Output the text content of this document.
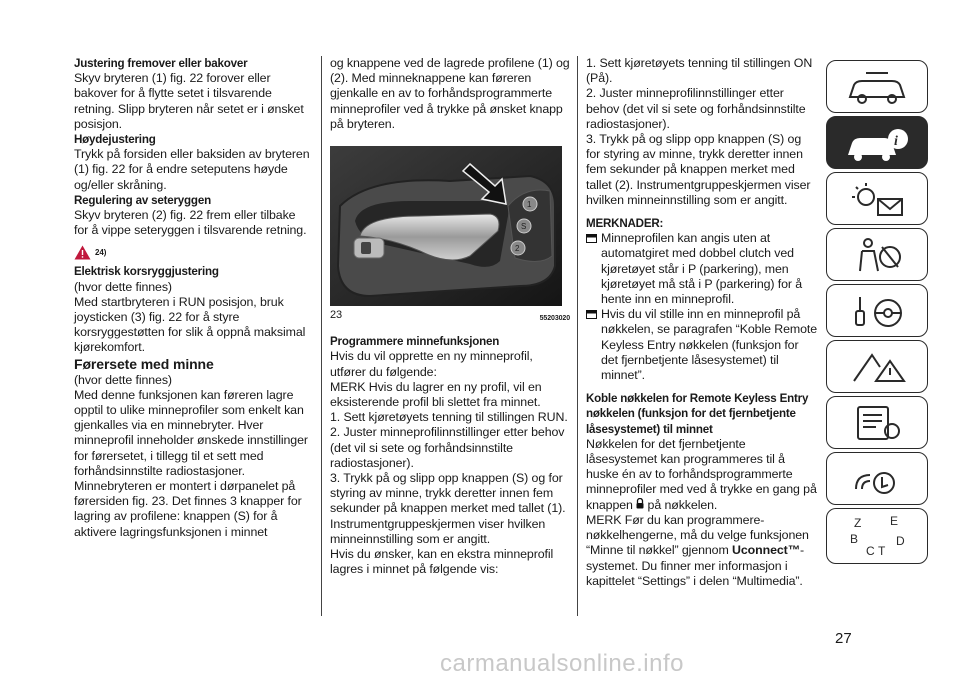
Justering fremover eller bakover

Skyv bryteren (1) fig. 22 forover eller bakover for å flytte setet i tilsvarende retning. Slipp bryteren når setet er i ønsket posisjon.

Høydejustering

Trykk på forsiden eller baksiden av bryteren (1) fig. 22 for å endre seteputens høyde og/eller skråning.

Regulering av seteryggen

Skyv bryteren (2) fig. 22 frem eller tilbake for å vippe seteryggen i tilsvarende retning.

24)

Elektrisk korsryggjustering

(hvor dette finnes)

Med startbryteren i RUN posisjon, bruk joysticken (3) fig. 22 for å styre korsryggestøtten for slik å oppnå maksimal kjørekomfort.

Førersete med minne

(hvor dette finnes)

Med denne funksjonen kan føreren lagre opptil to ulike minneprofiler som enkelt kan gjenkalles via en minnebryter. Hver minneprofil inneholder ønskede innstillinger for førersetet, i tillegg til et sett med forhåndsinnstilte radiostasjoner.

Minnebryteren er montert i dørpanelet på førersiden fig. 23. Det finnes 3 knapper for lagring av profilene: knappen (S) for å aktivere lagringsfunksjonen i minnet

og knappene ved de lagrede profilene (1) og (2). Med minneknappene kan føreren gjenkalle en av to forhåndsprogrammerte minneprofiler ved å trykke på ønsket knapp på bryteren.

1
S
2
23	55203020

Programmere minnefunksjonen

Hvis du vil opprette en ny minneprofil, utfører du følgende:

MERK Hvis du lagrer en ny profil, vil en eksisterende profil bli slettet fra minnet.

1. Sett kjøretøyets tenning til stillingen RUN.

2. Juster minneprofilinnstillinger etter behov (det vil si sete og forhåndsinnstilte radiostasjoner).

3. Trykk på og slipp opp knappen (S) og for styring av minne, trykk deretter innen fem sekunder på knappen merket med tallet (1). Instrumentgruppeskjermen viser hvilken minneinnstilling som er angitt.

Hvis du ønsker, kan en ekstra minneprofil lagres i minnet på følgende vis:

1. Sett kjøretøyets tenning til stillingen ON (På).

2. Juster minneprofilinnstillinger etter behov (det vil si sete og forhåndsinnstilte radiostasjoner).

3. Trykk på og slipp opp knappen (S) og for styring av minne, trykk deretter innen fem sekunder på knappen merket med tallet (2). Instrumentgruppeskjermen viser hvilken minneinnstilling som er angitt.

MERKNADER:

Minneprofilen kan angis uten at automatgiret med dobbel clutch ved kjøretøyet står i P (parkering), men kjøretøyet må stå i P (parkering) for å hente inn en minneprofil.
Hvis du vil stille inn en minneprofil på nøkkelen, se paragrafen “Koble Remote Keyless Entry nøkkelen (funksjon for det fjernbetjente låsesystemet) til minnet”.

Koble nøkkelen for Remote Keyless Entry nøkkelen (funksjon for det fjernbetjente låsesystemet) til minnet

Nøkkelen for det fjernbetjente låsesystemet kan programmeres til å huske én av to forhåndsprogrammerte minneprofiler med ved å trykke en gang på knappen på nøkkelen.

MERK Før du kan programmere- nøkkelhengerne, må du velge funksjonen “Minne til nøkkel” gjennom Uconnect™-systemet. Du finner mer informasjon i kapittelet “Settings” i delen “Multimedia”.

i
Z E
B
C T
D
27
carmanualsonline.info
